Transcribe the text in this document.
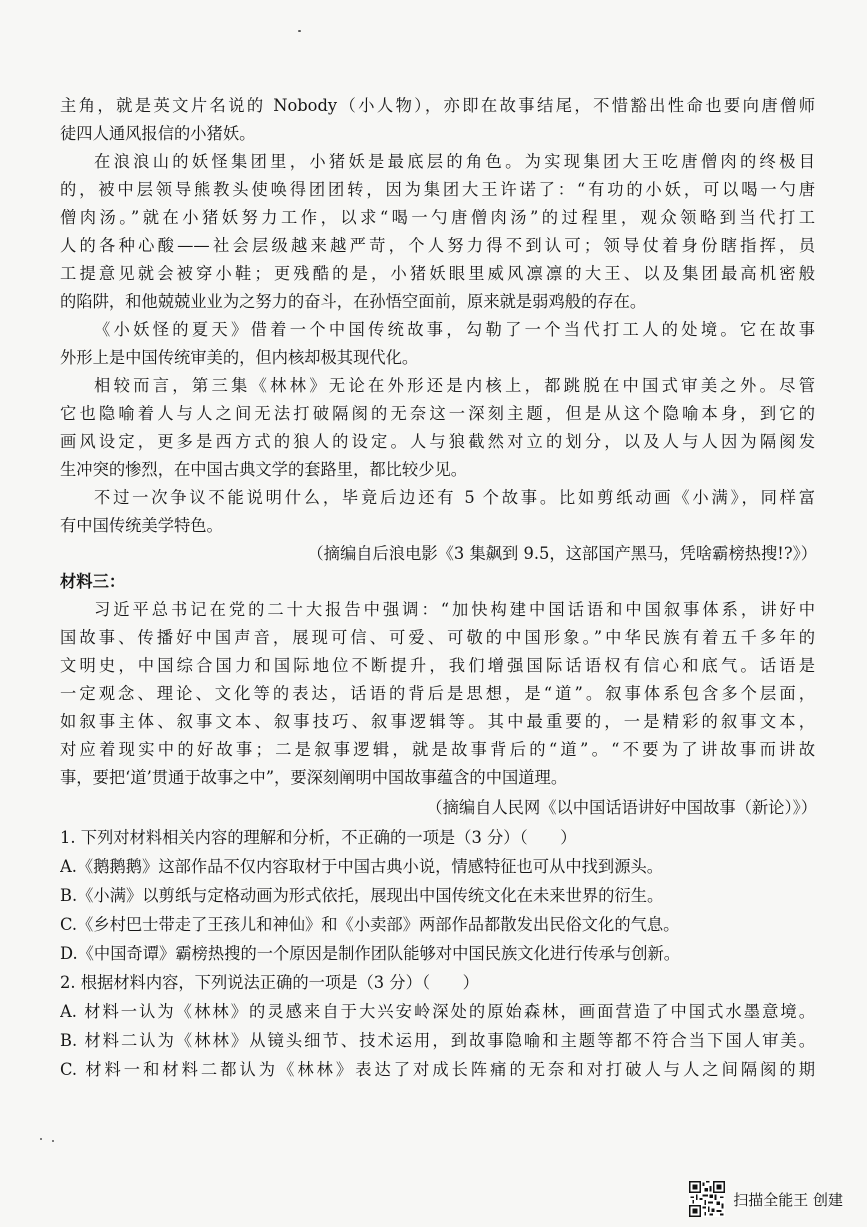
主角，就是英文片名说的 Nobody（小人物），亦即在故事结尾，不惜豁出性命也要向唐僧师
徒四人通风报信的小猪妖。
在浪浪山的妖怪集团里，小猪妖是最底层的角色。为实现集团大王吃唐僧肉的终极目
的，被中层领导熊教头使唤得团团转，因为集团大王许诺了：“有功的小妖，可以喝一勺唐
僧肉汤。”就在小猪妖努力工作，以求“喝一勺唐僧肉汤”的过程里，观众领略到当代打工
人的各种心酸——社会层级越来越严苛，个人努力得不到认可；领导仗着身份瞎指挥，员
工提意见就会被穿小鞋；更残酷的是，小猪妖眼里威风凛凛的大王、以及集团最高机密般
的陷阱，和他兢兢业业为之努力的奋斗，在孙悟空面前，原来就是弱鸡般的存在。
《小妖怪的夏天》借着一个中国传统故事，勾勒了一个当代打工人的处境。它在故事
外形上是中国传统审美的，但内核却极其现代化。
相较而言，第三集《林林》无论在外形还是内核上，都跳脱在中国式审美之外。尽管
它也隐喻着人与人之间无法打破隔阂的无奈这一深刻主题，但是从这个隐喻本身，到它的
画风设定，更多是西方式的狼人的设定。人与狼截然对立的划分，以及人与人因为隔阂发
生冲突的惨烈，在中国古典文学的套路里，都比较少见。
不过一次争议不能说明什么，毕竟后边还有 5 个故事。比如剪纸动画《小满》，同样富
有中国传统美学特色。
（摘编自后浪电影《3 集飙到 9.5，这部国产黑马，凭啥霸榜热搜!?》）
材料三：
习近平总书记在党的二十大报告中强调：“加快构建中国话语和中国叙事体系，讲好中
国故事、传播好中国声音，展现可信、可爱、可敬的中国形象。”中华民族有着五千多年的
文明史，中国综合国力和国际地位不断提升，我们增强国际话语权有信心和底气。话语是
一定观念、理论、文化等的表达，话语的背后是思想，是“道”。叙事体系包含多个层面，
如叙事主体、叙事文本、叙事技巧、叙事逻辑等。其中最重要的，一是精彩的叙事文本，
对应着现实中的好故事；二是叙事逻辑，就是故事背后的“道”。“不要为了讲故事而讲故
事，要把‘道’贯通于故事之中”，要深刻阐明中国故事蕴含的中国道理。
（摘编自人民网《以中国话语讲好中国故事（新论）》）
1. 下列对材料相关内容的理解和分析，不正确的一项是（3 分）（　　）
A.《鹅鹅鹅》这部作品不仅内容取材于中国古典小说，情感特征也可从中找到源头。
B.《小满》以剪纸与定格动画为形式依托，展现出中国传统文化在未来世界的衍生。
C.《乡村巴士带走了王孩儿和神仙》和《小卖部》两部作品都散发出民俗文化的气息。
D.《中国奇谭》霸榜热搜的一个原因是制作团队能够对中国民族文化进行传承与创新。
2. 根据材料内容，下列说法正确的一项是（3 分）（　　）
A. 材料一认为《林林》的灵感来自于大兴安岭深处的原始森林，画面营造了中国式水墨意境。
B. 材料二认为《林林》从镜头细节、技术运用，到故事隐喻和主题等都不符合当下国人审美。
C. 材料一和材料二都认为《林林》表达了对成长阵痛的无奈和对打破人与人之间隔阂的期
扫描全能王 创建
